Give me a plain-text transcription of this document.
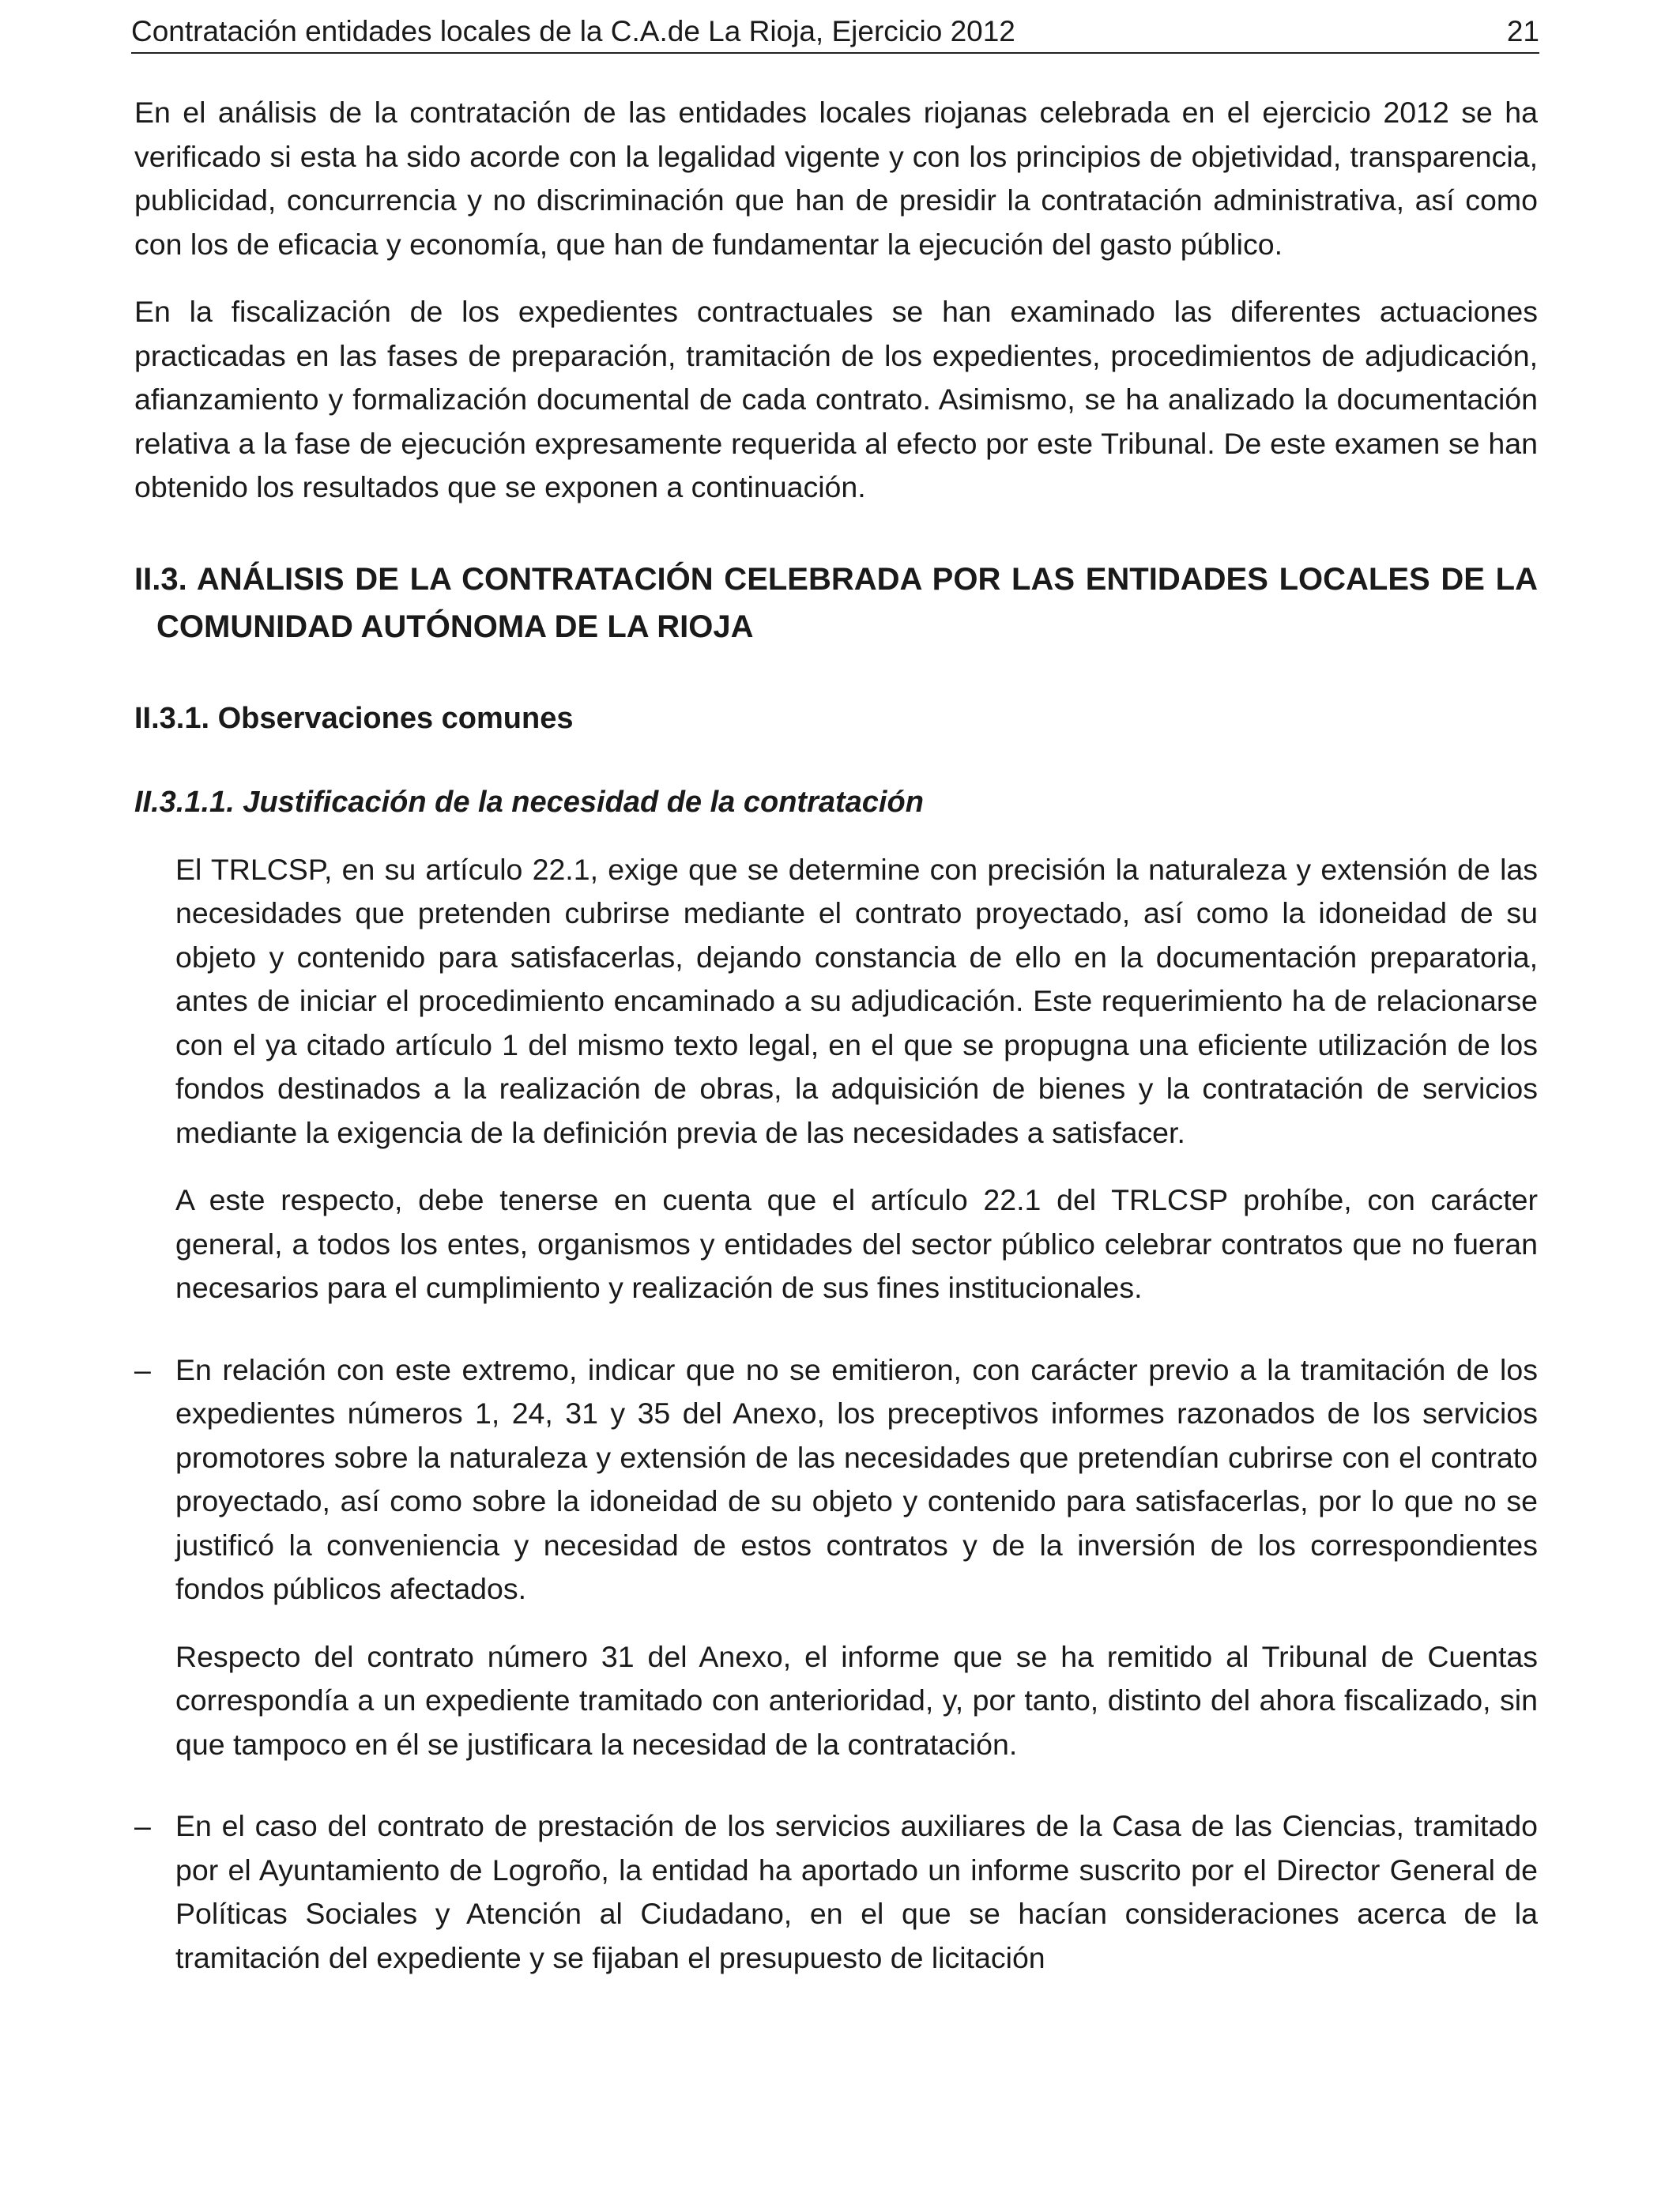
Contratación entidades locales de la C.A.de La Rioja, Ejercicio 2012	21

En el análisis de la contratación de las entidades locales riojanas celebrada en el ejercicio 2012 se ha verificado si esta ha sido acorde con la legalidad vigente y con los principios de objetividad, transparencia, publicidad, concurrencia y no discriminación que han de presidir la contratación administrativa, así como con los de eficacia y economía, que han de fundamentar la ejecución del gasto público.

En la fiscalización de los expedientes contractuales se han examinado las diferentes actuaciones practicadas en las fases de preparación, tramitación de los expedientes, procedimientos de adjudicación, afianzamiento y formalización documental de cada contrato. Asimismo, se ha analizado la documentación relativa a la fase de ejecución expresamente requerida al efecto por este Tribunal. De este examen se han obtenido los resultados que se exponen a continuación.

II.3. ANÁLISIS DE LA CONTRATACIÓN CELEBRADA POR LAS ENTIDADES LOCALES DE LA COMUNIDAD AUTÓNOMA DE LA RIOJA
II.3.1. Observaciones comunes
II.3.1.1. Justificación de la necesidad de la contratación

El TRLCSP, en su artículo 22.1, exige que se determine con precisión la naturaleza y extensión de las necesidades que pretenden cubrirse mediante el contrato proyectado, así como la idoneidad de su objeto y contenido para satisfacerlas, dejando constancia de ello en la documentación preparatoria, antes de iniciar el procedimiento encaminado a su adjudicación. Este requerimiento ha de relacionarse con el ya citado artículo 1 del mismo texto legal, en el que se propugna una eficiente utilización de los fondos destinados a la realización de obras, la adquisición de bienes y la contratación de servicios mediante la exigencia de la definición previa de las necesidades a satisfacer.

A este respecto, debe tenerse en cuenta que el artículo 22.1 del TRLCSP prohíbe, con carácter general, a todos los entes, organismos y entidades del sector público celebrar contratos que no fueran necesarios para el cumplimiento y realización de sus fines institucionales.

– En relación con este extremo, indicar que no se emitieron, con carácter previo a la tramitación de los expedientes números 1, 24, 31 y 35 del Anexo, los preceptivos informes razonados de los servicios promotores sobre la naturaleza y extensión de las necesidades que pretendían cubrirse con el contrato proyectado, así como sobre la idoneidad de su objeto y contenido para satisfacerlas, por lo que no se justificó la conveniencia y necesidad de estos contratos y de la inversión de los correspondientes fondos públicos afectados.

Respecto del contrato número 31 del Anexo, el informe que se ha remitido al Tribunal de Cuentas correspondía a un expediente tramitado con anterioridad, y, por tanto, distinto del ahora fiscalizado, sin que tampoco en él se justificara la necesidad de la contratación.

– En el caso del contrato de prestación de los servicios auxiliares de la Casa de las Ciencias, tramitado por el Ayuntamiento de Logroño, la entidad ha aportado un informe suscrito por el Director General de Políticas Sociales y Atención al Ciudadano, en el que se hacían consideraciones acerca de la tramitación del expediente y se fijaban el presupuesto de licitación
